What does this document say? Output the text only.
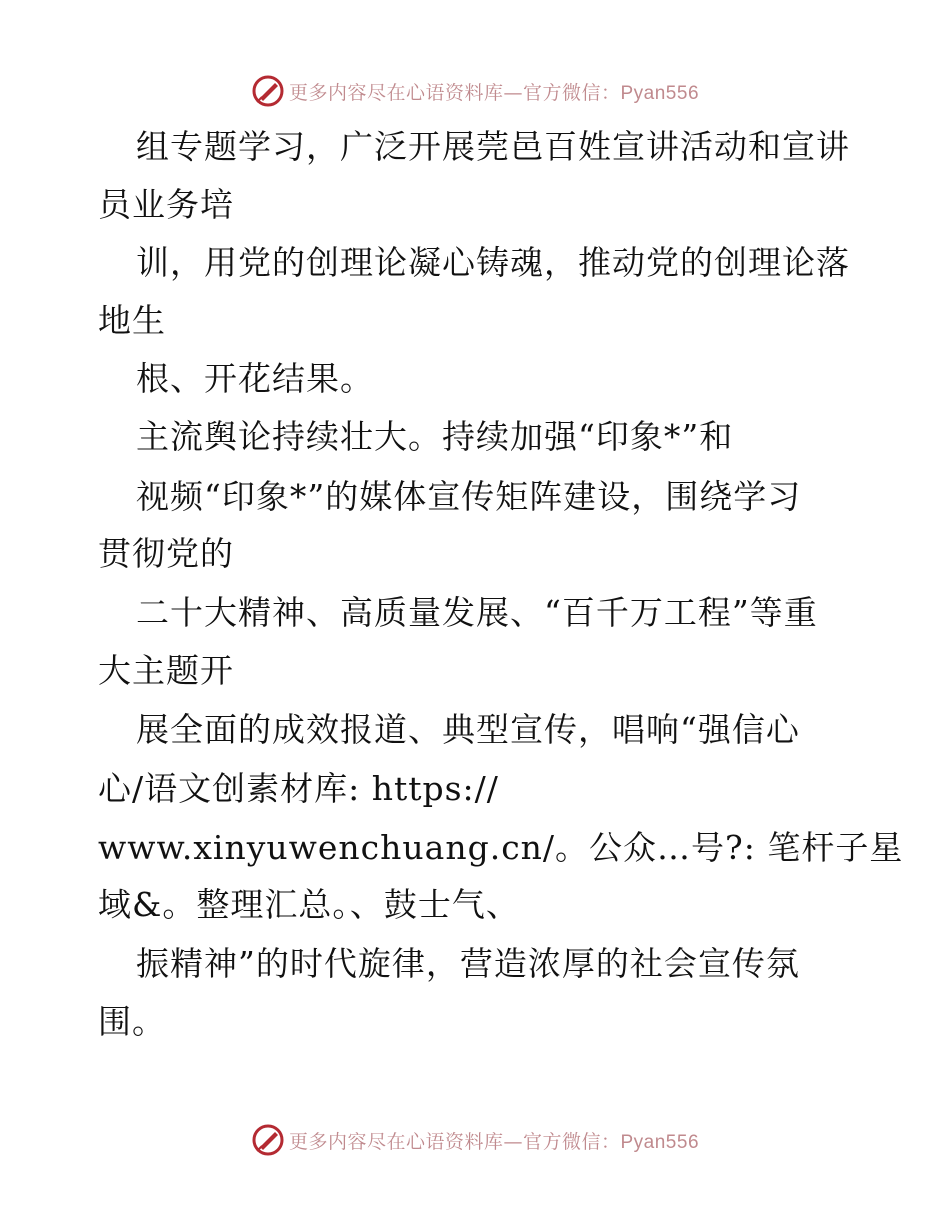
更多内容尽在心语资料库—官方微信：Pyan556
组专题学习，广泛开展莞邑百姓宣讲活动和宣讲
员业务培
训，用党的创理论凝心铸魂，推动党的创理论落
地生
根、开花结果。
主流舆论持续壮大。持续加强“印象*”和
视频“印象*”的媒体宣传矩阵建设，围绕学习
贯彻党的
二十大精神、高质量发展、“百千万工程”等重
大主题开
展全面的成效报道、典型宣传，唱响“强信心
心/语文创素材库: https://
www.xinyuwenchuang.cn/。公众…号?: 笔杆子星
域&。整理汇总。、鼓士气、
振精神”的时代旋律，营造浓厚的社会宣传氛
围。
更多内容尽在心语资料库—官方微信：Pyan556
